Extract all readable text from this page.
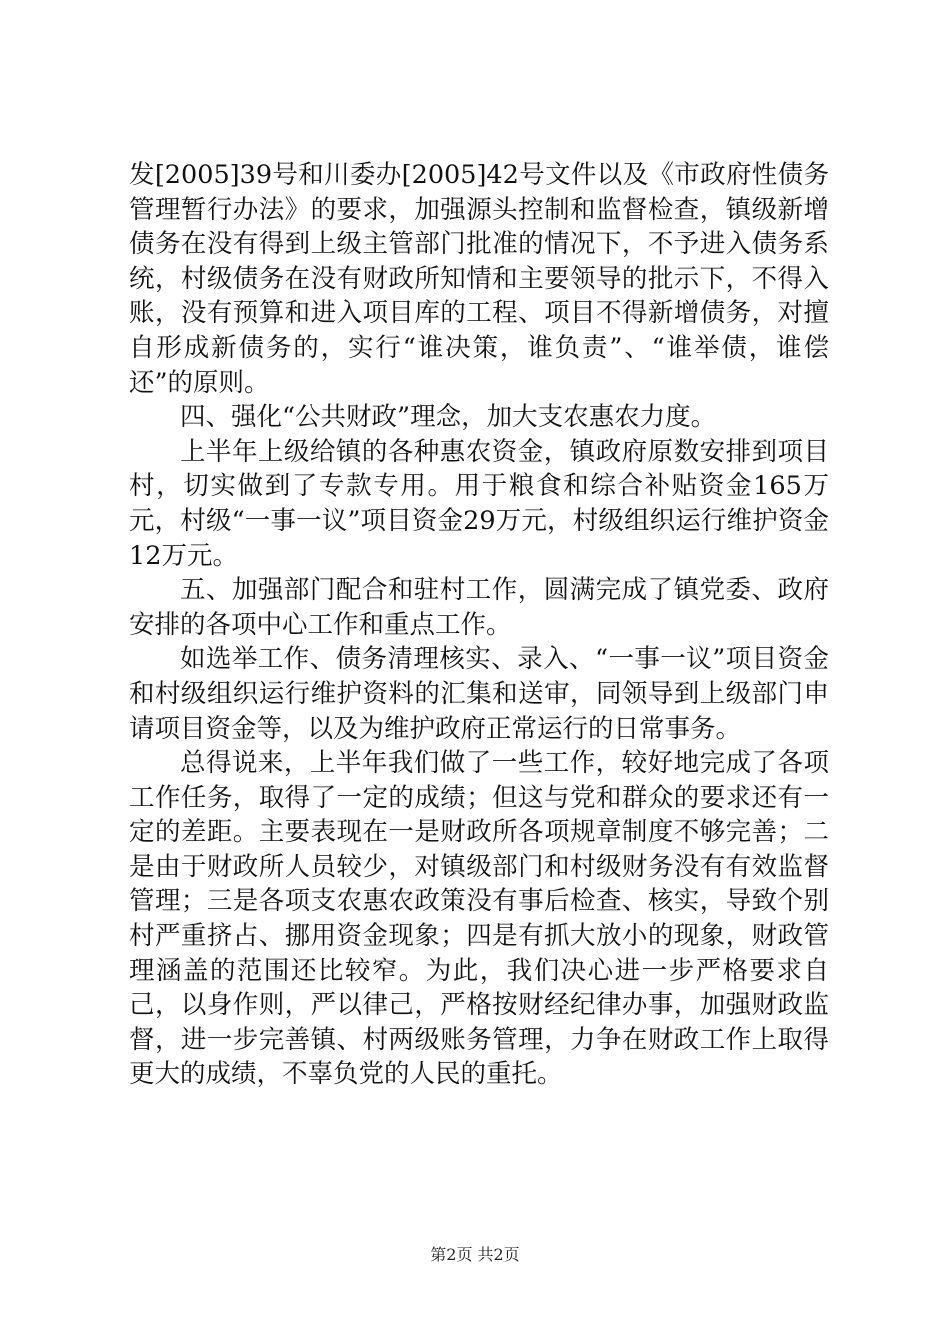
发[2005]39号和川委办[2005]42号文件以及《市政府性债务管理暂行办法》的要求，加强源头控制和监督检查，镇级新增债务在没有得到上级主管部门批准的情况下，不予进入债务系统，村级债务在没有财政所知情和主要领导的批示下，不得入账，没有预算和进入项目库的工程、项目不得新增债务，对擅自形成新债务的，实行“谁决策，谁负责”、“谁举债，谁偿还”的原则。

四、强化“公共财政”理念，加大支农惠农力度。

上半年上级给镇的各种惠农资金，镇政府原数安排到项目村，切实做到了专款专用。用于粮食和综合补贴资金165万元，村级“一事一议”项目资金29万元，村级组织运行维护资金12万元。

五、加强部门配合和驻村工作，圆满完成了镇党委、政府安排的各项中心工作和重点工作。

如选举工作、债务清理核实、录入、“一事一议”项目资金和村级组织运行维护资料的汇集和送审，同领导到上级部门申请项目资金等，以及为维护政府正常运行的日常事务。

总得说来，上半年我们做了一些工作，较好地完成了各项工作任务，取得了一定的成绩；但这与党和群众的要求还有一定的差距。主要表现在一是财政所各项规章制度不够完善；二是由于财政所人员较少，对镇级部门和村级财务没有有效监督管理；三是各项支农惠农政策没有事后检查、核实，导致个别村严重挤占、挪用资金现象；四是有抓大放小的现象，财政管理涵盖的范围还比较窄。为此，我们决心进一步严格要求自己，以身作则，严以律己，严格按财经纪律办事，加强财政监督，进一步完善镇、村两级账务管理，力争在财政工作上取得更大的成绩，不辜负党的人民的重托。

第2页 共2页
